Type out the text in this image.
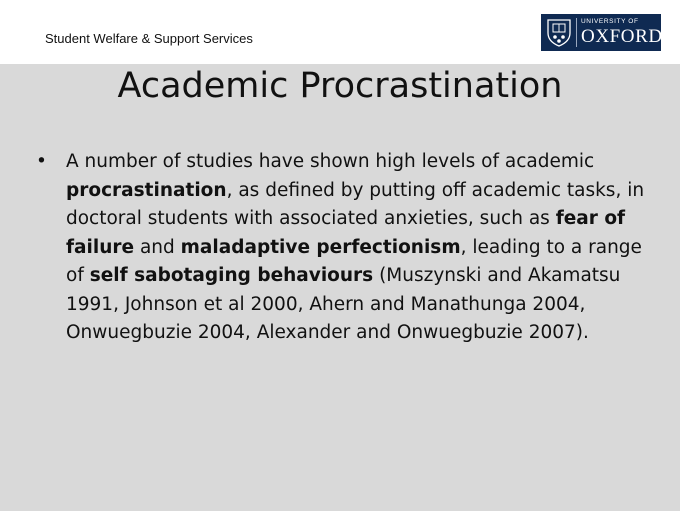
Student Welfare & Support Services
UNIVERSITY OF
OXFORD
Academic Procrastination
• A number of studies have shown high levels of academic procrastination, as defined by putting off academic tasks, in doctoral students with associated anxieties, such as fear of failure and maladaptive perfectionism, leading to a range of self sabotaging behaviours (Muszynski and Akamatsu 1991, Johnson et al 2000, Ahern and Manathunga 2004, Onwuegbuzie 2004, Alexander and Onwuegbuzie 2007).
